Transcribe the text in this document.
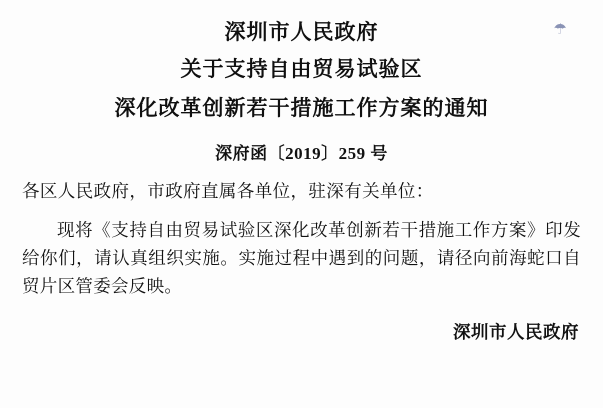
☂
深圳市人民政府
关于支持自由贸易试验区
深化改革创新若干措施工作方案的通知
深府函〔2019〕259 号
各区人民政府，市政府直属各单位，驻深有关单位：
现将《支持自由贸易试验区深化改革创新若干措施工作方案》印发给你们，请认真组织实施。实施过程中遇到的问题，请径向前海蛇口自贸片区管委会反映。
深圳市人民政府
